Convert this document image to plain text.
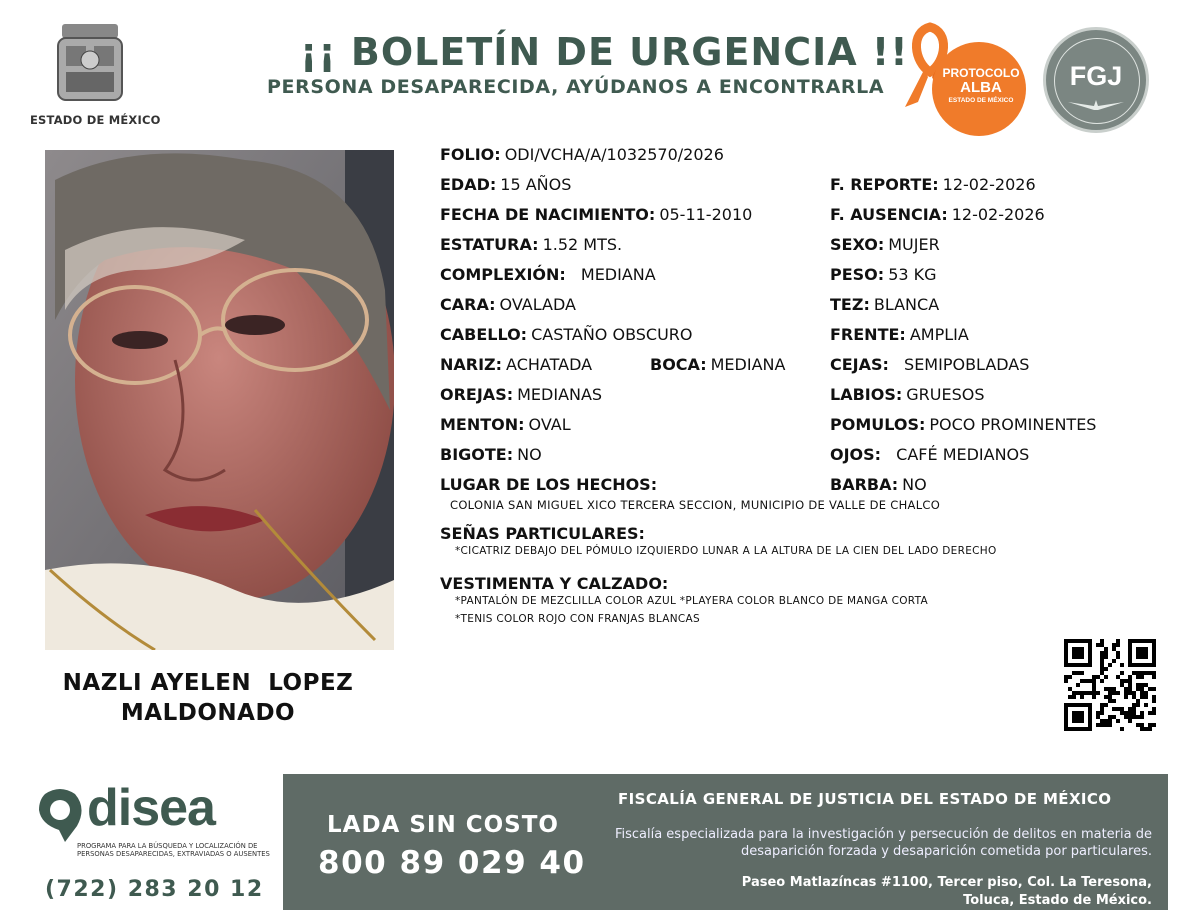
ESTADO DE MÉXICO
¡¡ BOLETÍN DE URGENCIA !!
PERSONA DESAPARECIDA, AYÚDANOS A ENCONTRARLA
PROTOCOLO
ALBA
ESTADO DE MÉXICO
FGJ
NAZLI AYELEN  LOPEZ
MALDONADO
FOLIO: ODI/VCHA/A/1032570/2026
EDAD: 15 AÑOS	F. REPORTE: 12-02-2026
FECHA DE NACIMIENTO: 05-11-2010	F. AUSENCIA: 12-02-2026
ESTATURA: 1.52 MTS.	SEXO: MUJER
COMPLEXIÓN: MEDIANA	PESO: 53 KG
CARA: OVALADA	TEZ: BLANCA
CABELLO: CASTAÑO OBSCURO	FRENTE: AMPLIA
NARIZ: ACHATADA	BOCA: MEDIANA	CEJAS: SEMIPOBLADAS
OREJAS: MEDIANAS	LABIOS: GRUESOS
MENTON: OVAL	POMULOS: POCO PROMINENTES
BIGOTE: NO	OJOS: CAFÉ MEDIANOS
LUGAR DE LOS HECHOS:	BARBA: NO
COLONIA SAN MIGUEL XICO TERCERA SECCION, MUNICIPIO DE VALLE DE CHALCO
SEÑAS PARTICULARES:
*CICATRIZ DEBAJO DEL PÓMULO IZQUIERDO LUNAR A LA ALTURA DE LA CIEN DEL LADO DERECHO
VESTIMENTA Y CALZADO:
*PANTALÓN DE MEZCLILLA COLOR AZUL *PLAYERA COLOR BLANCO DE MANGA CORTA
*TENIS COLOR ROJO CON FRANJAS BLANCAS
disea
PROGRAMA PARA LA BÚSQUEDA Y LOCALIZACIÓN DE PERSONAS DESAPARECIDAS, EXTRAVIADAS O AUSENTES
(722) 283 20 12
LADA SIN COSTO
800 89 029 40
FISCALÍA GENERAL DE JUSTICIA DEL ESTADO DE MÉXICO
Fiscalía especializada para la investigación y persecución de delitos en materia de desaparición forzada y desaparición cometida por particulares.
Paseo Matlazíncas #1100, Tercer piso, Col. La Teresona,
Toluca, Estado de México.
